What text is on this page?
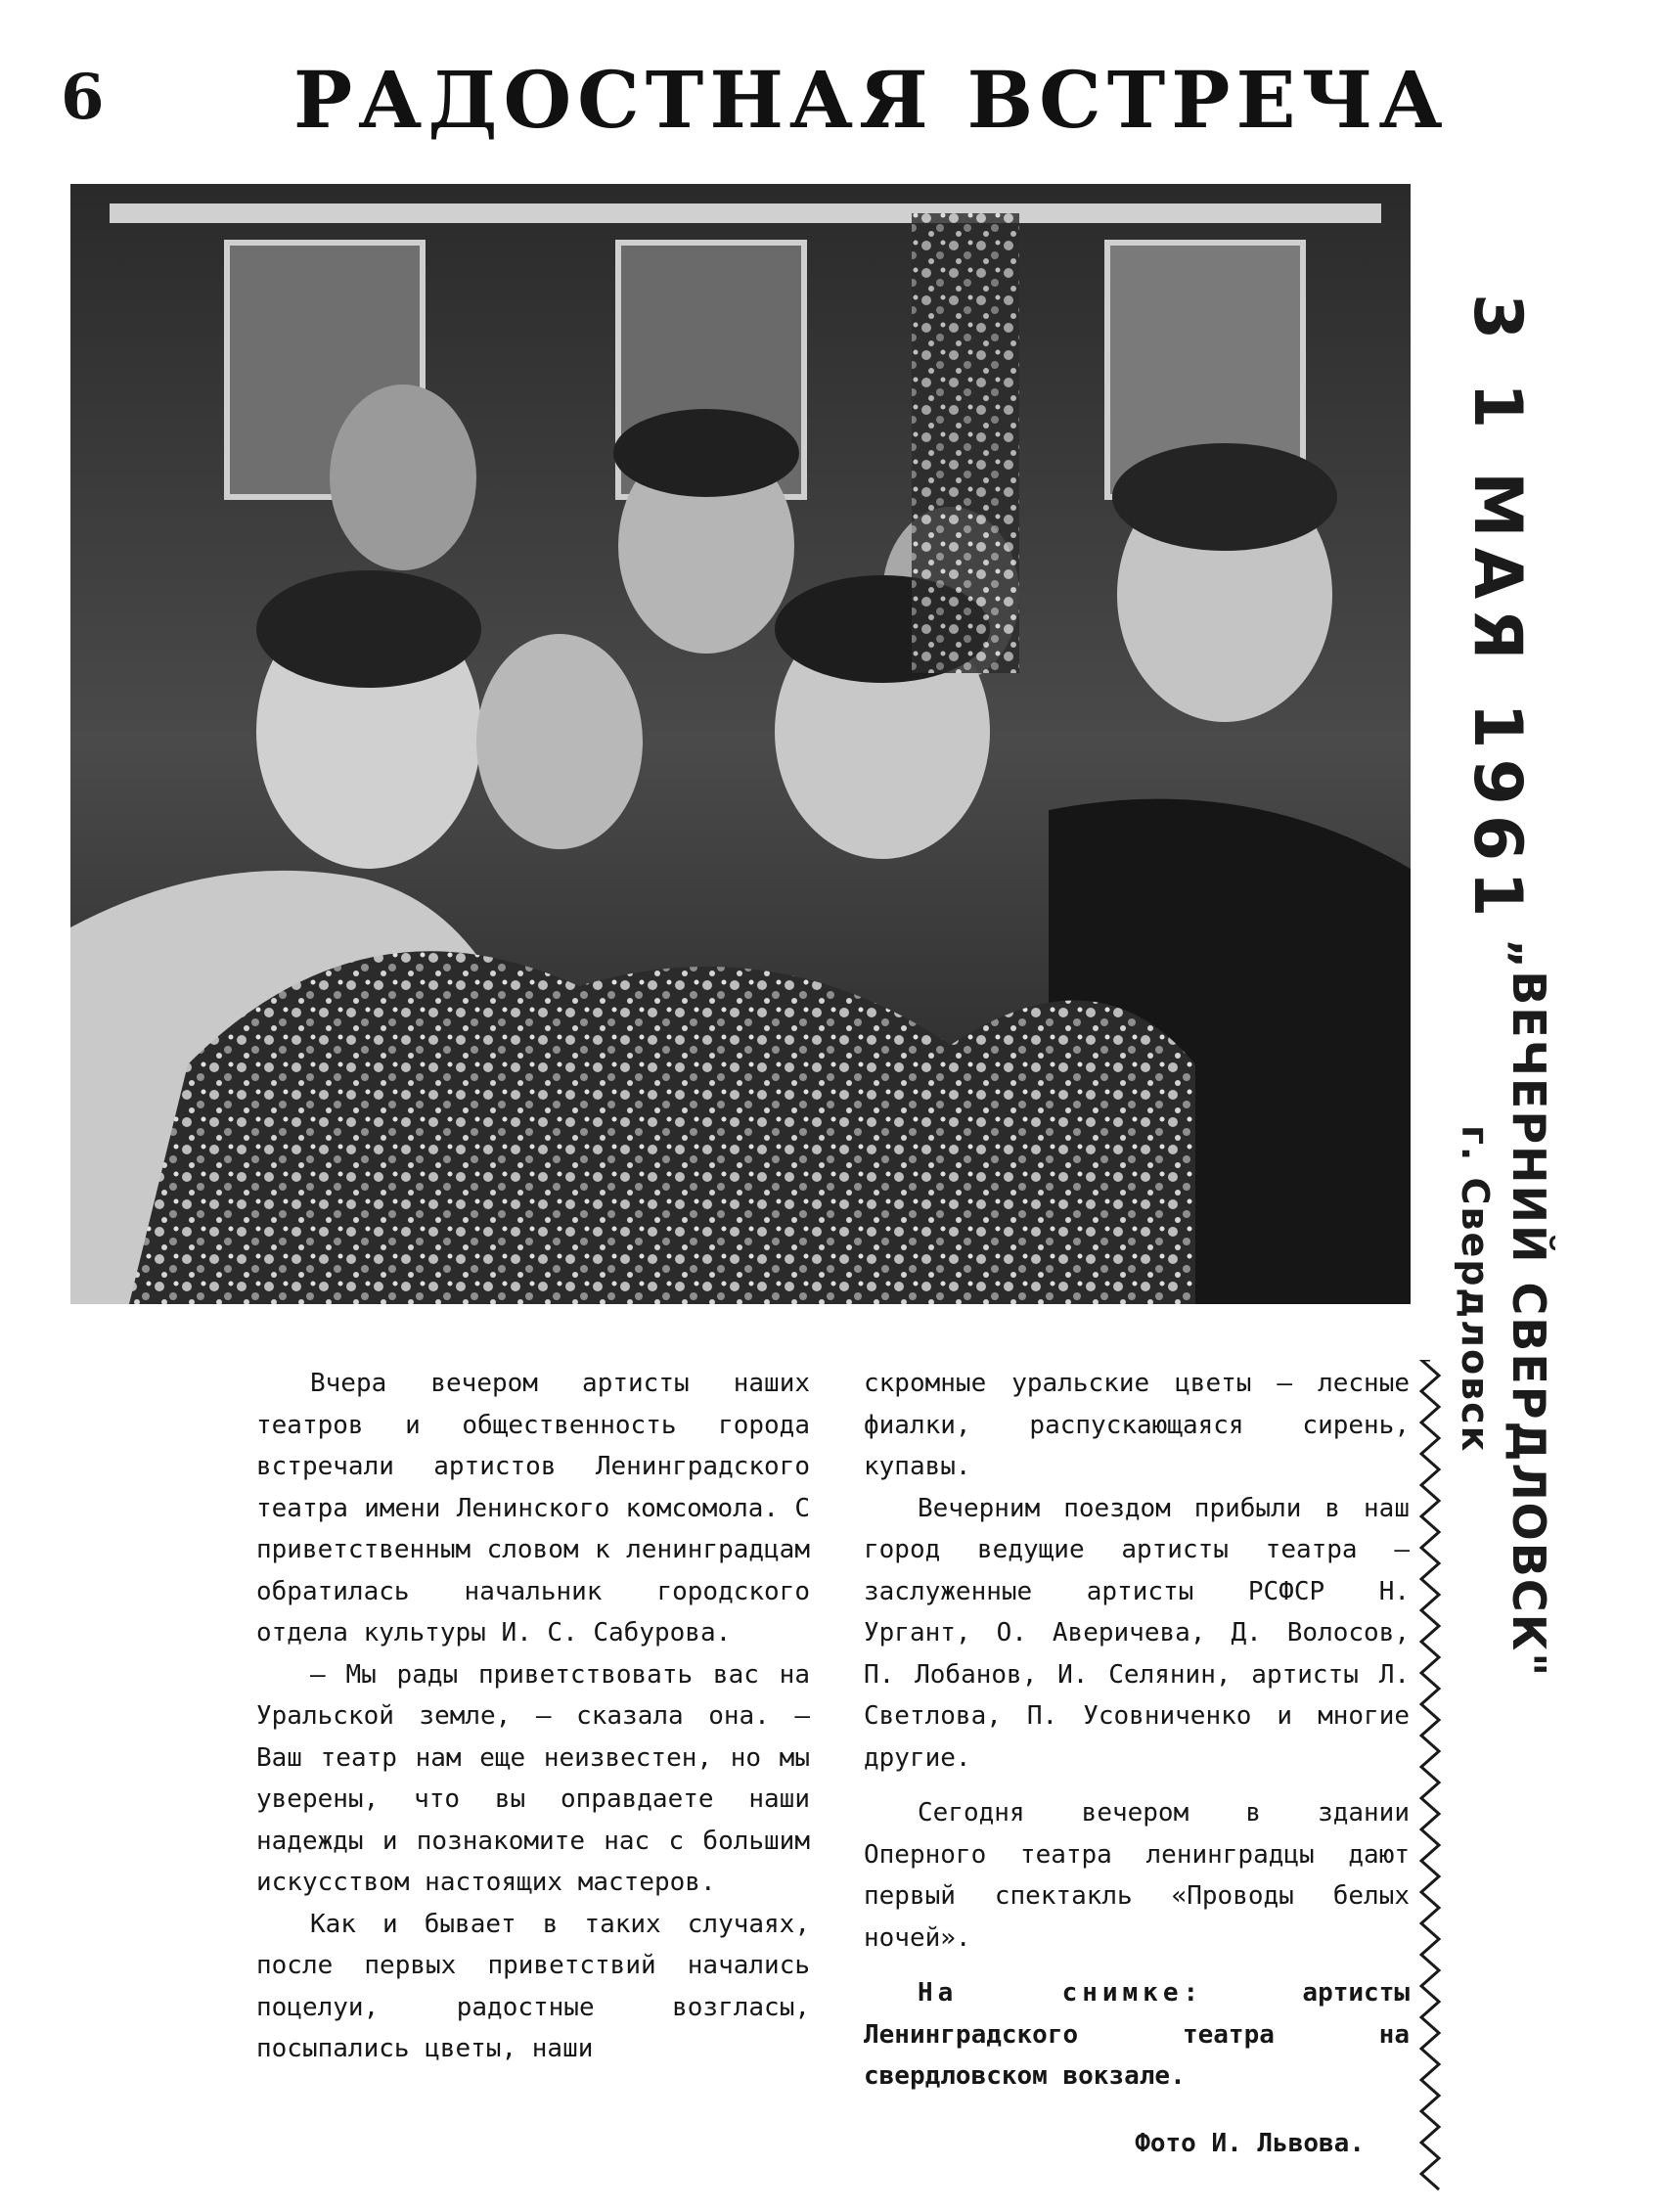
6 РАДОСТНАЯ ВСТРЕЧА
3 1 МАЯ 1961
„ВЕЧЕРНИЙ СВЕРДЛОВСК"
г. Свердловск

Вчера вечером артисты наших театров и общественность города встречали артистов Ленинградского театра имени Ленинского комсомола. С приветственным словом к ленинградцам обратилась начальник городского отдела культуры И. С. Сабурова.

— Мы рады приветствовать вас на Уральской земле, — сказала она. — Ваш театр нам еще неизвестен, но мы уверены, что вы оправдаете наши надежды и познакомите нас с большим искусством настоящих мастеров.

Как и бывает в таких случаях, после первых приветствий начались поцелуи, радостные возгласы, посыпались цветы, наши

скромные уральские цветы — лесные фиалки, распускающаяся сирень, купавы.

Вечерним поездом прибыли в наш город ведущие артисты театра — заслуженные артисты РСФСР Н. Ургант, О. Аверичева, Д. Волосов, П. Лобанов, И. Селянин, артисты Л. Светлова, П. Усовниченко и многие другие.

Сегодня вечером в здании Оперного театра ленинградцы дают первый спектакль «Проводы белых ночей».

На снимке:	артисты Ленинградского театра на свердловском вокзале.

Фото И. Львова.
